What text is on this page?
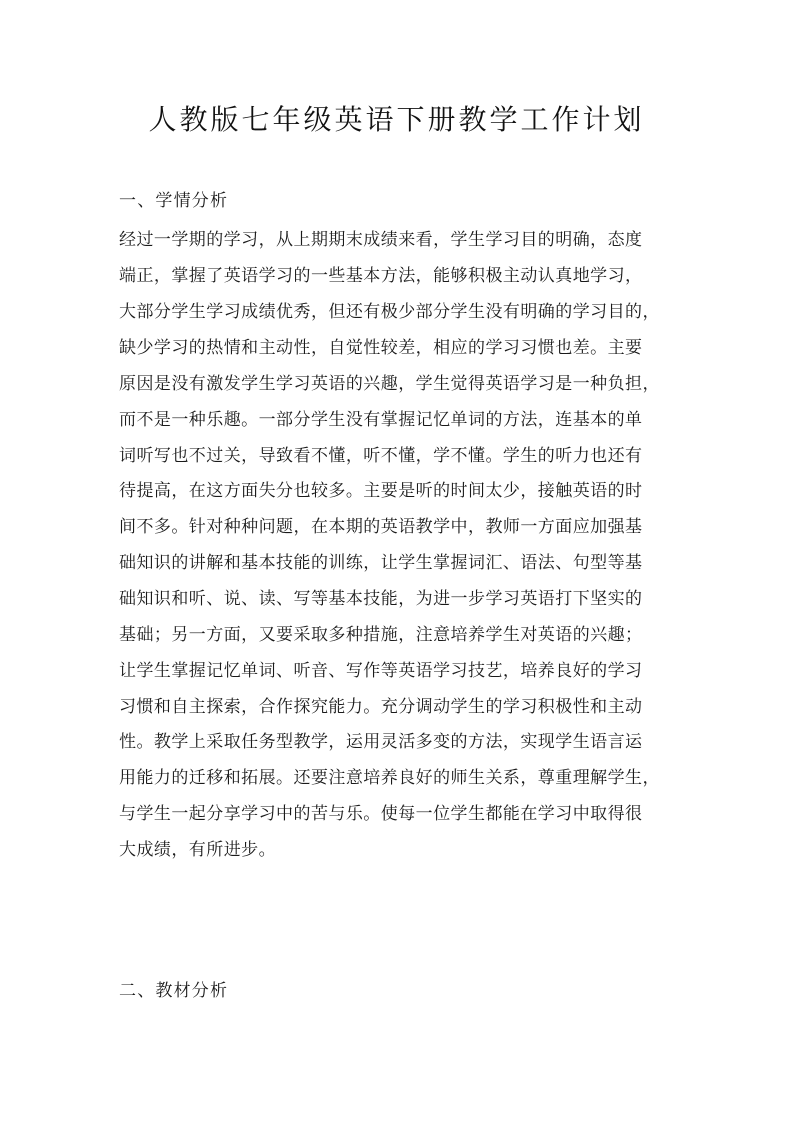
人教版七年级英语下册教学工作计划
一、学情分析
经过一学期的学习，从上期期末成绩来看，学生学习目的明确，态度
端正，掌握了英语学习的一些基本方法，能够积极主动认真地学习，
大部分学生学习成绩优秀，但还有极少部分学生没有明确的学习目的，
缺少学习的热情和主动性，自觉性较差，相应的学习习惯也差。主要
原因是没有激发学生学习英语的兴趣，学生觉得英语学习是一种负担，
而不是一种乐趣。一部分学生没有掌握记忆单词的方法，连基本的单
词听写也不过关，导致看不懂，听不懂，学不懂。学生的听力也还有
待提高，在这方面失分也较多。主要是听的时间太少，接触英语的时
间不多。针对种种问题，在本期的英语教学中，教师一方面应加强基
础知识的讲解和基本技能的训练，让学生掌握词汇、语法、句型等基
础知识和听、说、读、写等基本技能，为进一步学习英语打下坚实的
基础；另一方面，又要采取多种措施，注意培养学生对英语的兴趣；
让学生掌握记忆单词、听音、写作等英语学习技艺，培养良好的学习
习惯和自主探索，合作探究能力。充分调动学生的学习积极性和主动
性。教学上采取任务型教学，运用灵活多变的方法，实现学生语言运
用能力的迁移和拓展。还要注意培养良好的师生关系，尊重理解学生，
与学生一起分享学习中的苦与乐。使每一位学生都能在学习中取得很
大成绩，有所进步。
二、教材分析
